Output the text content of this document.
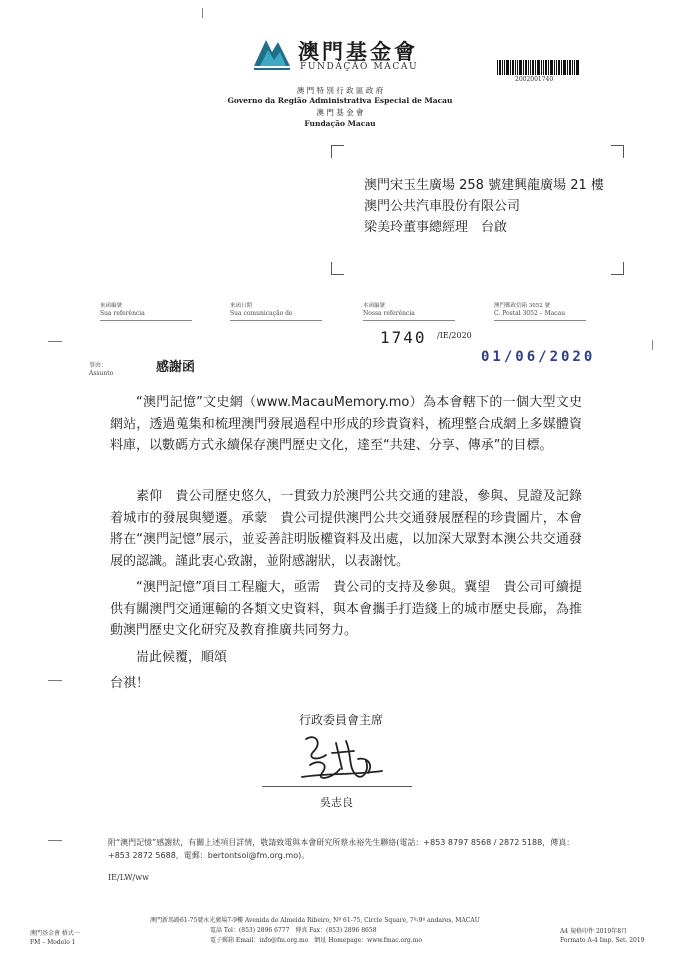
澳門基金會
FUNDAÇÃO MACAU
澳 門 特 別 行 政 區 政 府
Governo da Região Administrativa Especial de Macau
澳 門 基 金 會
Fundação Macau
2002001740
澳門宋玉生廣場 258 號建興龍廣場 21 樓
澳門公共汽車股份有限公司
梁美玲董事總經理　台啟
來函編號
Sua referência
來函日期
Sua comunicação de
本函編號
Nossa referência
澳門郵政信箱 3052 號
C. Postal 3052 – Macau
1740 /IE/2020
01/06/2020
事由：
Assunto	感謝函
“澳門記憶”文史網（www.MacauMemory.mo）為本會轄下的一個大型文史網站，透過蒐集和梳理澳門發展過程中形成的珍貴資料，梳理整合成網上多媒體資料庫，以數碼方式永續保存澳門歷史文化，達至“共建、分享、傳承”的目標。
素仰　貴公司歷史悠久，一貫致力於澳門公共交通的建設，參與、見證及記錄着城市的發展與變遷。承蒙　貴公司提供澳門公共交通發展歷程的珍貴圖片，本會將在“澳門記憶”展示，並妥善註明版權資料及出處，以加深大眾對本澳公共交通發展的認識。謹此衷心致謝，並附感謝狀，以表謝忱。
“澳門記憶”項目工程龐大，亟需　貴公司的支持及參與。冀望　貴公司可續提供有關澳門交通運輸的各類文史資料，與本會攜手打造綫上的城市歷史長廊，為推動澳門歷史文化研究及教育推廣共同努力。
耑此候覆，順頌
台祺！
行政委員會主席
吳志良
附“澳門記憶”感謝狀，有關上述項目詳情，敬請致電與本會研究所蔡永裕先生聯絡(電話：+853 8797 8568 / 2872 5188，傳真：+853 2872 5688，電郵：bertontsoi@fm.org.mo)。
IE/LW/ww
澳門基金會 格式一
FM – Modelo 1
澳門新馬路61-75號永光廣場7-9樓 Avenida de Almeida Ribeiro, Nº 61-75, Circle Square, 7º-9º andares, MACAU
電話 Tel：(853) 2896 6777　傳真 Fax：(853) 2896 8658
電子郵箱 Email：info@fm.org.mo　網址 Homepage：www.fmac.org.mo
A4 規格印件 2019年8月
Formato A-4 Imp. Set. 2019
